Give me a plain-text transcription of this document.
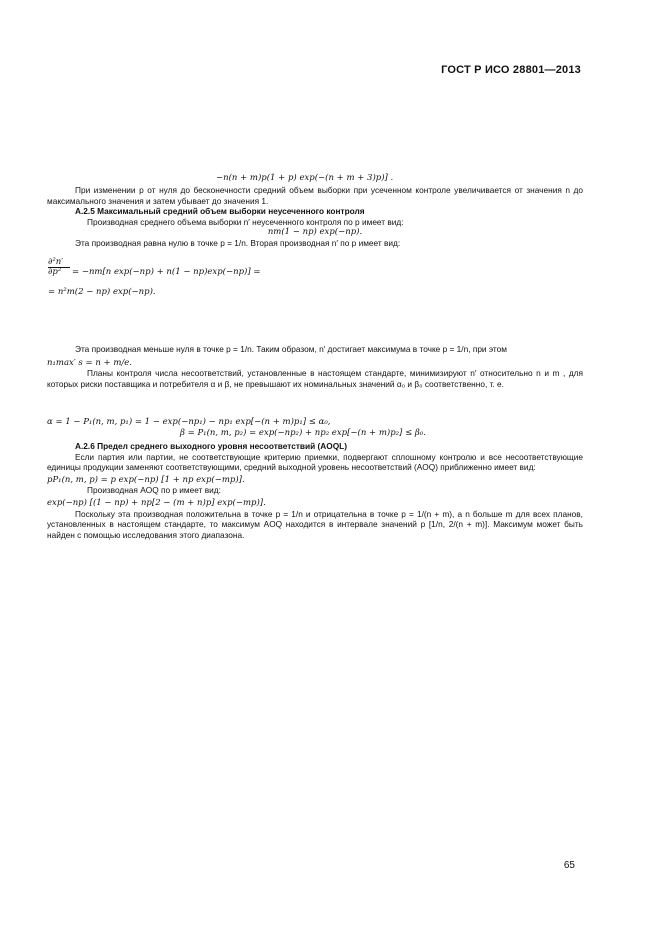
ГОСТ Р ИСО 28801—2013
−n(n + m)p(1 + p) exp(−(n + m + 3)p)] .

При изменении p от нуля до бесконечности средний объем выборки при усеченном контроле увеличивается от значения n до максимального значения и затем убывает до значения 1.

А.2.5 Максимальный средний объем выборки неусеченного контроля

Производная среднего объема выборки n′ неусеченного контроля по p имеет вид:

nm(1 − np) exp(−np).

Эта производная равна нулю в точке p = 1/n. Вторая производная n′ по p имеет вид:

$\frac{\text{∂²n′}}{\text{∂p²}} = -nm[n$ exp(−np) + n(1 − np)exp(−np)] =
= n²m(2 − np) exp(−np).

Эта производная меньше нуля в точке p = 1/n. Таким образом, n′ достигает максимума в точке p = 1/n, при этом

n₁max′ s = n + m/e.

Планы контроля числа несоответствий, установленные в настоящем стандарте, минимизируют n′ относительно n и m , для которых риски поставщика и потребителя α и β, не превышают их номинальных значений α₀ и β₀ соответственно, т. е.

α = 1 − P₁(n, m, p₁) = 1 − exp(−np₁) − np₁ exp[−(n + m)p₁] ≤ α₀,
β = P₁(n, m, p₂) = exp(−np₂) + np₂ exp[−(n + m)p₂] ≤ β₀.

А.2.6 Предел среднего выходного уровня несоответствий (AOQL)

Если партия или партии, не соответствующие критерию приемки, подвергают сплошному контролю и все несоответствующие единицы продукции заменяют соответствующими, средний выходной уровень несоответствий (AOQ) приближенно имеет вид:

pP₁(n, m, p) = p exp(−np) [1 + np exp(−mp)].

Производная AOQ по p имеет вид:

exp(−np) [(1 − np) + np[2 − (m + n)p] exp(−mp)].

Поскольку эта производная положительна в точке p = 1/n и отрицательна в точке p = 1/(n + m), а n больше m для всех планов, установленных в настоящем стандарте, то максимум AOQ находится в интервале значений p [1/n, 2/(n + m)]. Максимум может быть найден с помощью исследования этого диапазона.

65
